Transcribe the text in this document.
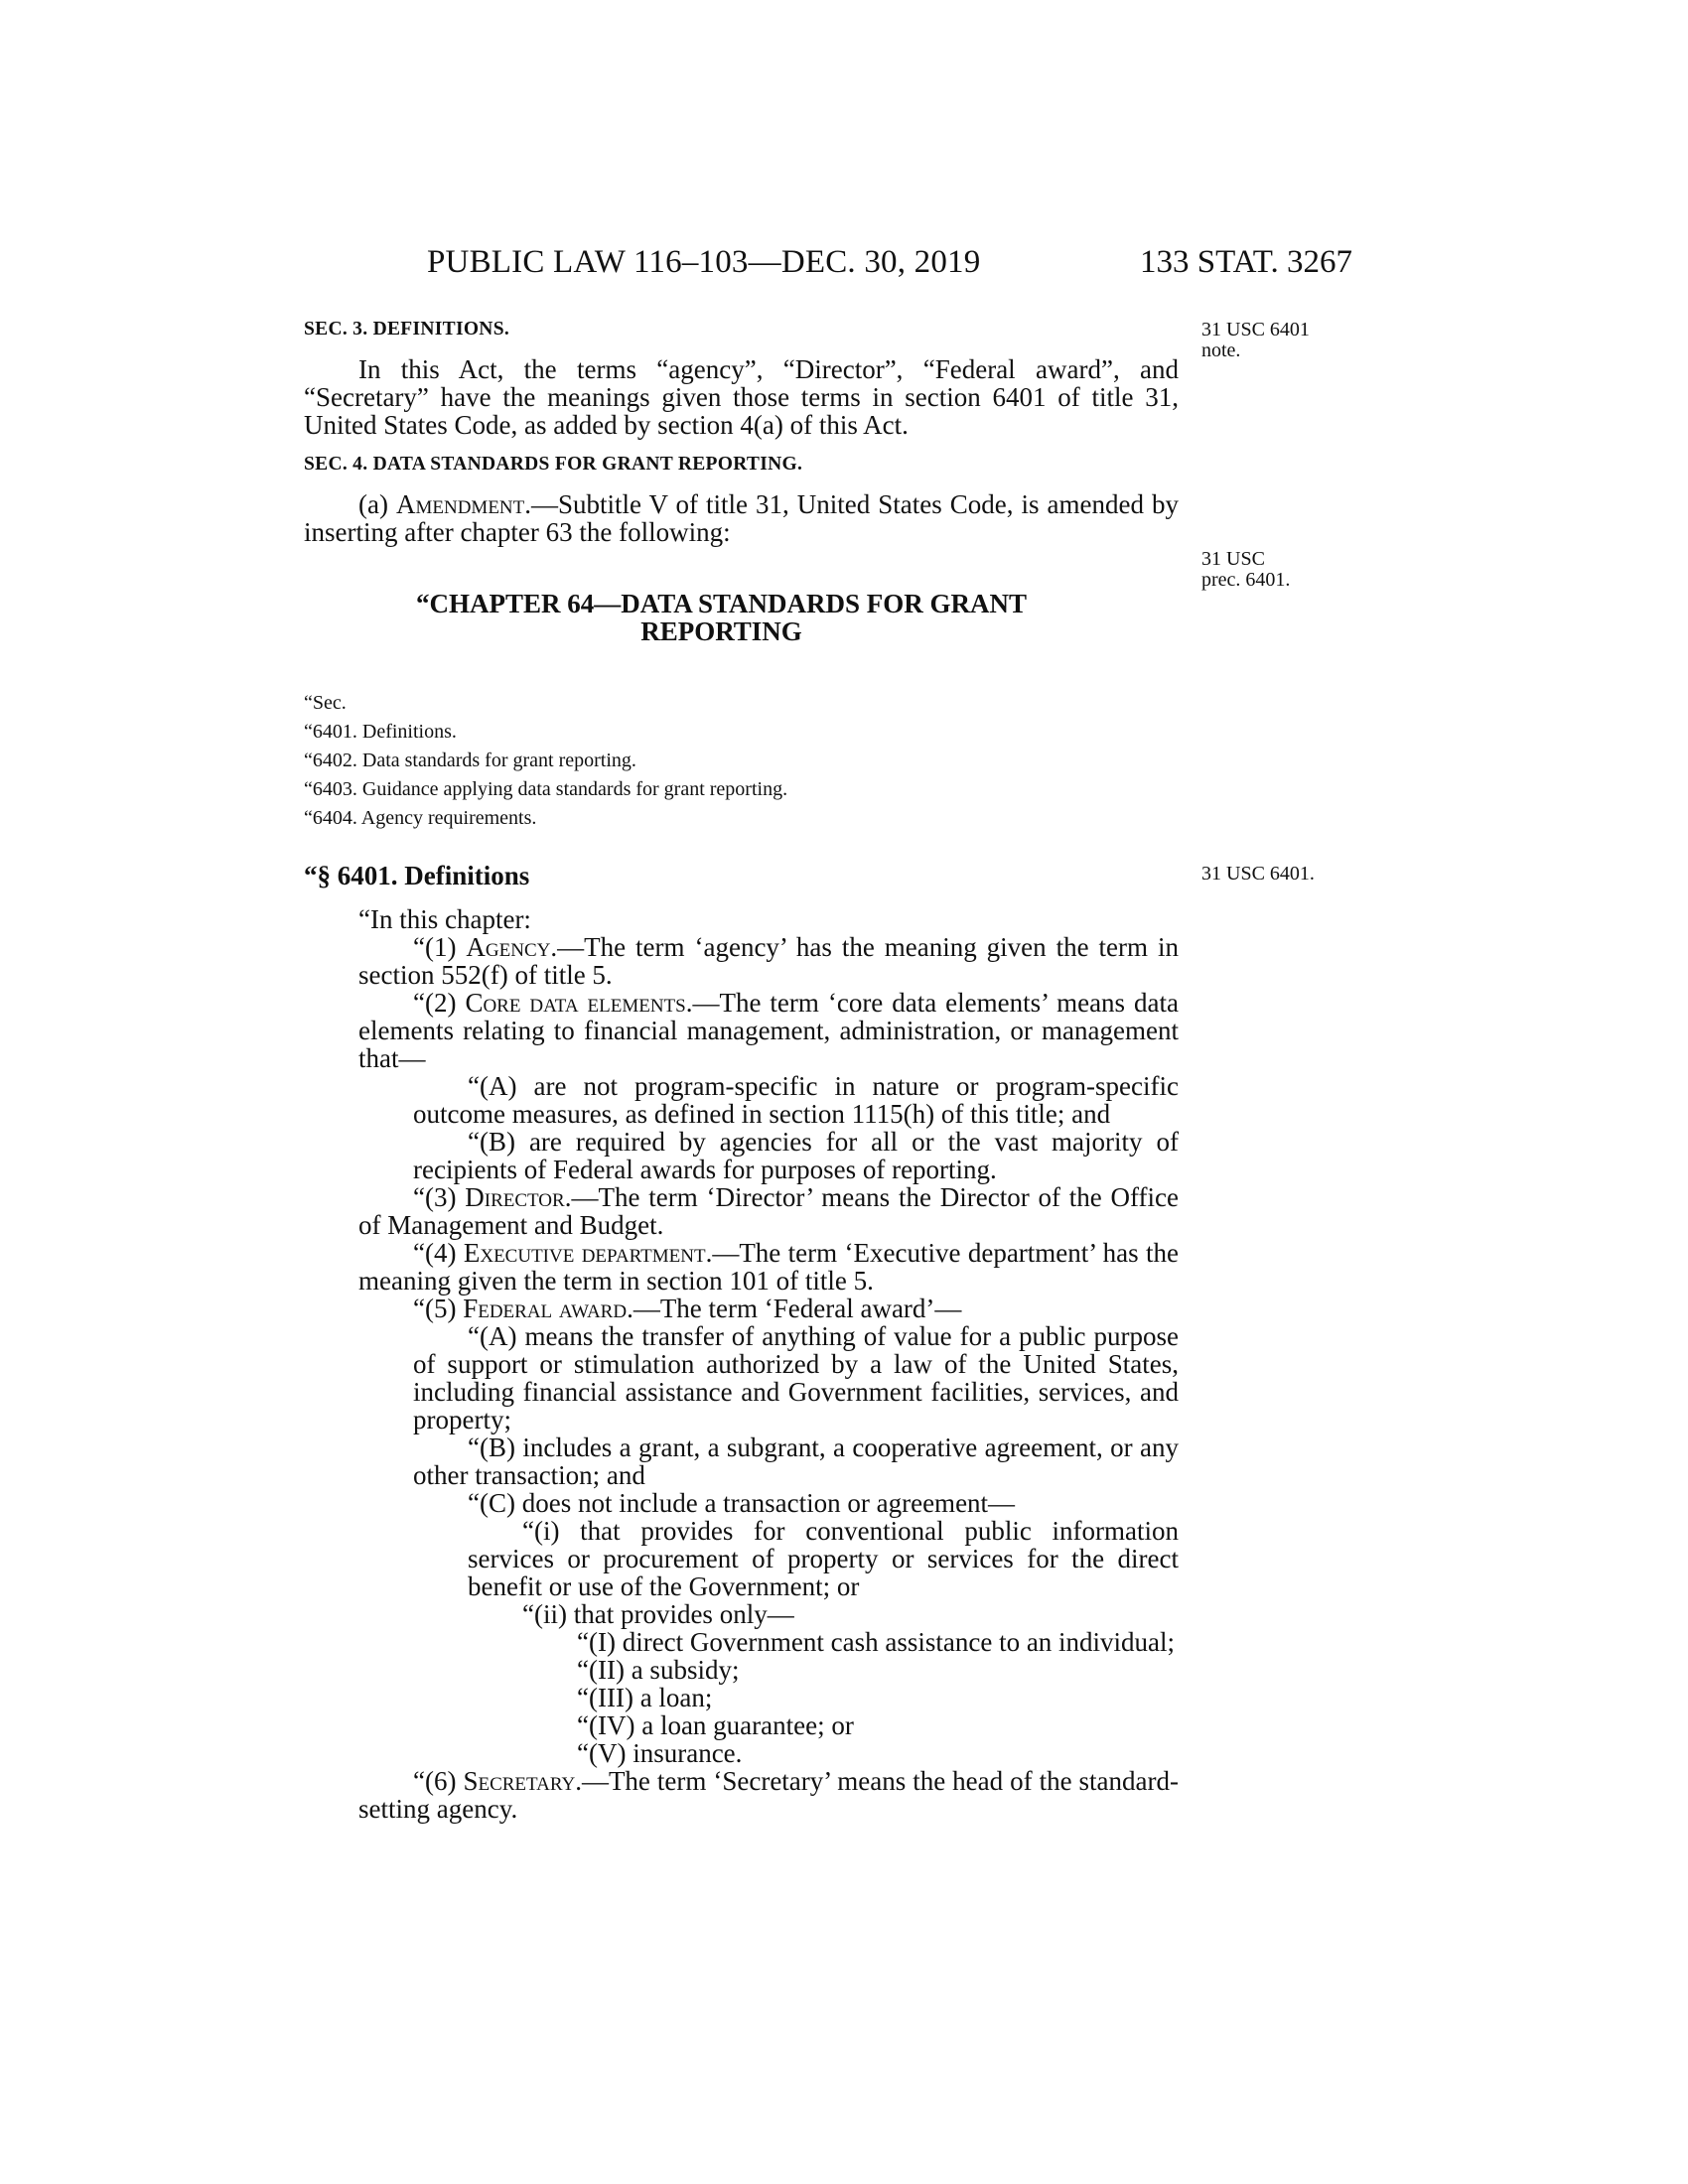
PUBLIC LAW 116–103—DEC. 30, 2019	133 STAT. 3267
31 USC 6401
note.
31 USC
prec. 6401.
31 USC 6401.

SEC. 3. DEFINITIONS.

In this Act, the terms “agency”, “Director”, “Federal award”, and “Secretary” have the meanings given those terms in section 6401 of title 31, United States Code, as added by section 4(a) of this Act.

SEC. 4. DATA STANDARDS FOR GRANT REPORTING.

(a) Amendment.—Subtitle V of title 31, United States Code, is amended by inserting after chapter 63 the following:

“CHAPTER 64—DATA STANDARDS FOR GRANT
REPORTING

“Sec.

“6401. Definitions.

“6402. Data standards for grant reporting.

“6403. Guidance applying data standards for grant reporting.

“6404. Agency requirements.

“§ 6401. Definitions

“In this chapter:

“(1) Agency.—The term ‘agency’ has the meaning given the term in section 552(f) of title 5.

“(2) Core data elements.—The term ‘core data elements’ means data elements relating to financial management, administration, or management that—

“(A) are not program-specific in nature or program-specific outcome measures, as defined in section 1115(h) of this title; and

“(B) are required by agencies for all or the vast majority of recipients of Federal awards for purposes of reporting.

“(3) Director.—The term ‘Director’ means the Director of the Office of Management and Budget.

“(4) Executive department.—The term ‘Executive department’ has the meaning given the term in section 101 of title 5.

“(5) Federal award.—The term ‘Federal award’—

“(A) means the transfer of anything of value for a public purpose of support or stimulation authorized by a law of the United States, including financial assistance and Government facilities, services, and property;

“(B) includes a grant, a subgrant, a cooperative agreement, or any other transaction; and

“(C) does not include a transaction or agreement—

“(i) that provides for conventional public information services or procurement of property or services for the direct benefit or use of the Government; or

“(ii) that provides only—

“(I) direct Government cash assistance to an individual;

“(II) a subsidy;

“(III) a loan;

“(IV) a loan guarantee; or

“(V) insurance.

“(6) Secretary.—The term ‘Secretary’ means the head of the standard-setting agency.
